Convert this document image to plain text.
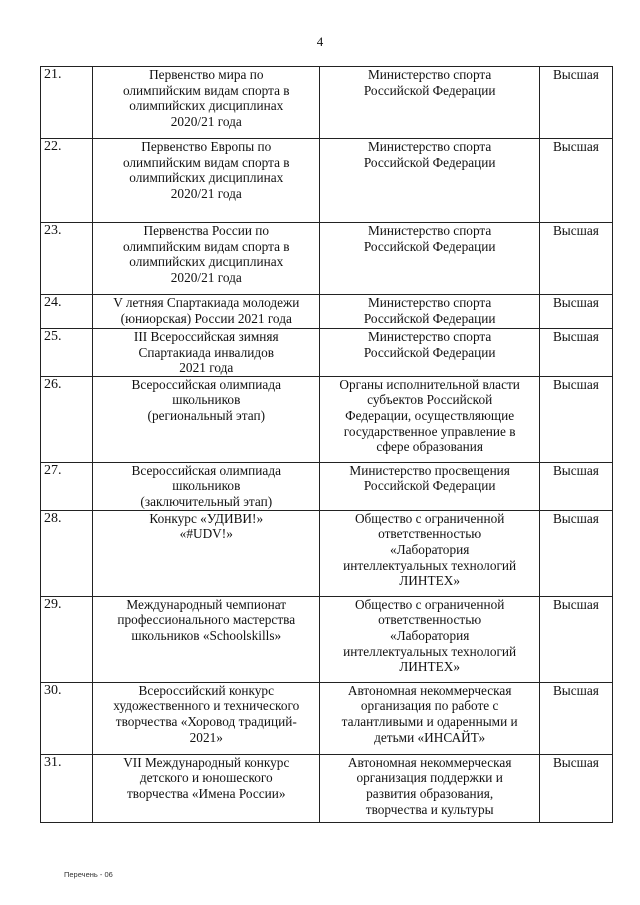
4
21.	Первенство мира по
олимпийским видам спорта в
олимпийских дисциплинах
2020/21 года	Министерство спорта
Российской Федерации	Высшая
22.	Первенство Европы по
олимпийским видам спорта в
олимпийских дисциплинах
2020/21 года	Министерство спорта
Российской Федерации	Высшая
23.	Первенства России по
олимпийским видам спорта в
олимпийских дисциплинах
2020/21 года	Министерство спорта
Российской Федерации	Высшая
24.	V летняя Спартакиада молодежи
(юниорская) России 2021 года	Министерство спорта
Российской Федерации	Высшая
25.	III Всероссийская зимняя
Спартакиада инвалидов
2021 года	Министерство спорта
Российской Федерации	Высшая
26.	Всероссийская олимпиада
школьников
(региональный этап)	Органы исполнительной власти
субъектов Российской
Федерации, осуществляющие
государственное управление в
сфере образования	Высшая
27.	Всероссийская олимпиада
школьников
(заключительный этап)	Министерство просвещения
Российской Федерации	Высшая
28.	Конкурс «УДИВИ!»
«#UDV!»	Общество с ограниченной
ответственностью
«Лаборатория
интеллектуальных технологий
ЛИНТЕХ»	Высшая
29.	Международный чемпионат
профессионального мастерства
школьников «Schoolskills»	Общество с ограниченной
ответственностью
«Лаборатория
интеллектуальных технологий
ЛИНТЕХ»	Высшая
30.	Всероссийский конкурс
художественного и технического
творчества «Хоровод традиций-
2021»	Автономная некоммерческая
организация по работе с
талантливыми и одаренными и
детьми «ИНСАЙТ»	Высшая
31.	VII Международный конкурс
детского и юношеского
творчества «Имена России»	Автономная некоммерческая
организация поддержки и
развития образования,
творчества и культуры	Высшая
Перечень - 06
